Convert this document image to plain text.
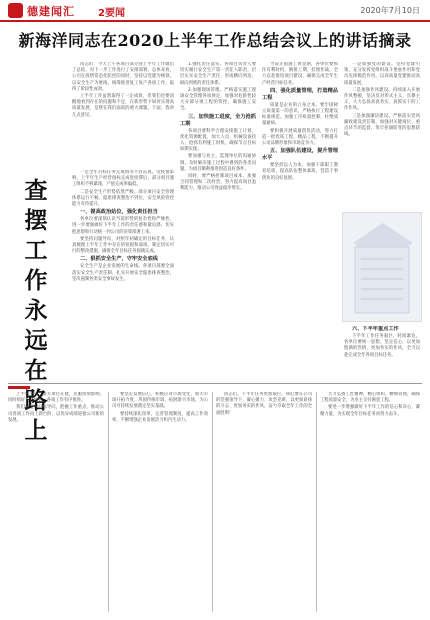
德建闻汇 2要闻	2020年7月10日
新海洋同志在2020上半年工作总结会议上的讲话摘录

同志们：今天上午各项目部分别上半年工作做出了总结，对下一步工作进行了安排部署。总体来看，公司在疫情常态化防控的同时，坚持以党建为统领，以安全生产为底线，统筹推进复工复产各项工作，取得了阶段性成效。

上半年工作虽然取得了一定成效，但我们也要清醒地看到存在的问题和不足，在新形势下如何实现高质量发展，是摆在我们面前的重大课题。下面，我讲几点意见。

查
摆
工
作
永
远
在
路
上

一是全年目标任务完成情况不容乐观。受疫情影响，上半年生产经营指标完成进度滞后，部分项目施工组织不够紧凑，产值完成率偏低。

二是安全生产形势依然严峻。部分项目安全管理体系运行不畅，隐患排查整治不到位，安全风险管控能力有待提升。

一、提高政治站位，强化责任担当

各单位要深刻认识当前形势的复杂性和严峻性，进一步增强做好下半年工作的责任感和紧迫感，切实把思想和行动统一到公司的决策部署上来。

要坚持问题导向，对照年初确定的目标任务，认真梳理上半年工作中存在的短板和弱项，制定切实可行的整改措施，确保全年目标任务圆满完成。

二、狠抓安全生产，守牢安全底线

安全生产是企业发展的生命线。各项目部要全面落实安全生产责任制，扎实开展安全隐患排查整治，坚决遏制各类安全事故发生。

1.强化责任落实。各项目负责人要切实履行安全生产第一责任人职责，层层压实安全生产责任，形成横向到边、纵向到底的责任体系。

2.加强现场管理。严格落实施工现场安全管理各项规定，加强对危险性较大分部分项工程的管控，确保施工安全。

三、加快施工进度，全力抢抓工期

各项目要科学合理安排施工计划，优化资源配置，加大人员、机械设备投入，抢抓有利施工时机，确保节点目标如期实现。

要加强与业主、监理单位的沟通协调，及时解决施工过程中遇到的各类问题，为项目顺利推进创造良好条件。

同时，要严格控制项目成本，加强合同管理和二次经营，努力提高项目盈利能力，推动公司效益稳步增长。

当前正值施工黄金期，各单位要抓住有利时机，倒排工期、挂图作战，全力以赴推进项目建设，确保完成全年生产经营目标任务。

四、强化质量管理，打造精品工程

质量是企业的立身之本。要牢固树立质量第一的意识，严格执行工程建设标准规范，加强工序质量控制，杜绝质量通病。

要积极开展质量创优活动，努力打造一批优质工程、精品工程，不断提升公司品牌形象和市场竞争力。

五、加强队伍建设，提升管理水平

要坚持以人为本，加强干部职工教育培训，提高队伍整体素质，营造干事创业的良好氛围。

一是加强党的建设。坚持党建引领，充分发挥党组织战斗堡垒作用和党员先锋模范作用，以高质量党建推动高质量发展。

二是加强作风建设。持续深入开展作风整顿，坚决反对形式主义、官僚主义，大力弘扬求真务实、真抓实干的工作作风。

三是加强廉洁建设。严格落实党风廉政建设责任制，加强对关键岗位、重点环节的监督，筑牢拒腐防变的思想防线。

六、下半年重点工作

下半年工作任务艰巨，时间紧迫。各单位要统一思想、坚定信心，以更加饱满的热情、更加务实的作风，全力以赴完成全年各项目标任务。

上半年一晃：前方项目在建，克服疫情影响，同时抓好生产经营，各项工作有序推进。

我们要坚持目标导向，把握工作重点，推动公司各项工作再上新台阶，以优异成绩迎接公司新的发展。

要坚定发展信心，积极应对市场变化，加大市场开拓力度，巩固传统市场，拓展新兴市场，为公司可持续发展奠定坚实基础。

要持续深化改革，完善管理制度，提高工作效率，不断增强企业发展活力和内生动力。

同志们，下半年任务更加艰巨，我们要在公司的坚强领导下，凝心聚力、攻坚克难，以更加昂扬的斗志、更加务实的作风，奋力夺取全年工作的全面胜利！

大力弘扬工匠精神，精心组织、精细管理，确保工程质量安全，为业主交付满意工程。

要进一步增强做好下半年工作的信心和决心，凝聚力量，为实现全年目标任务而努力奋斗。
